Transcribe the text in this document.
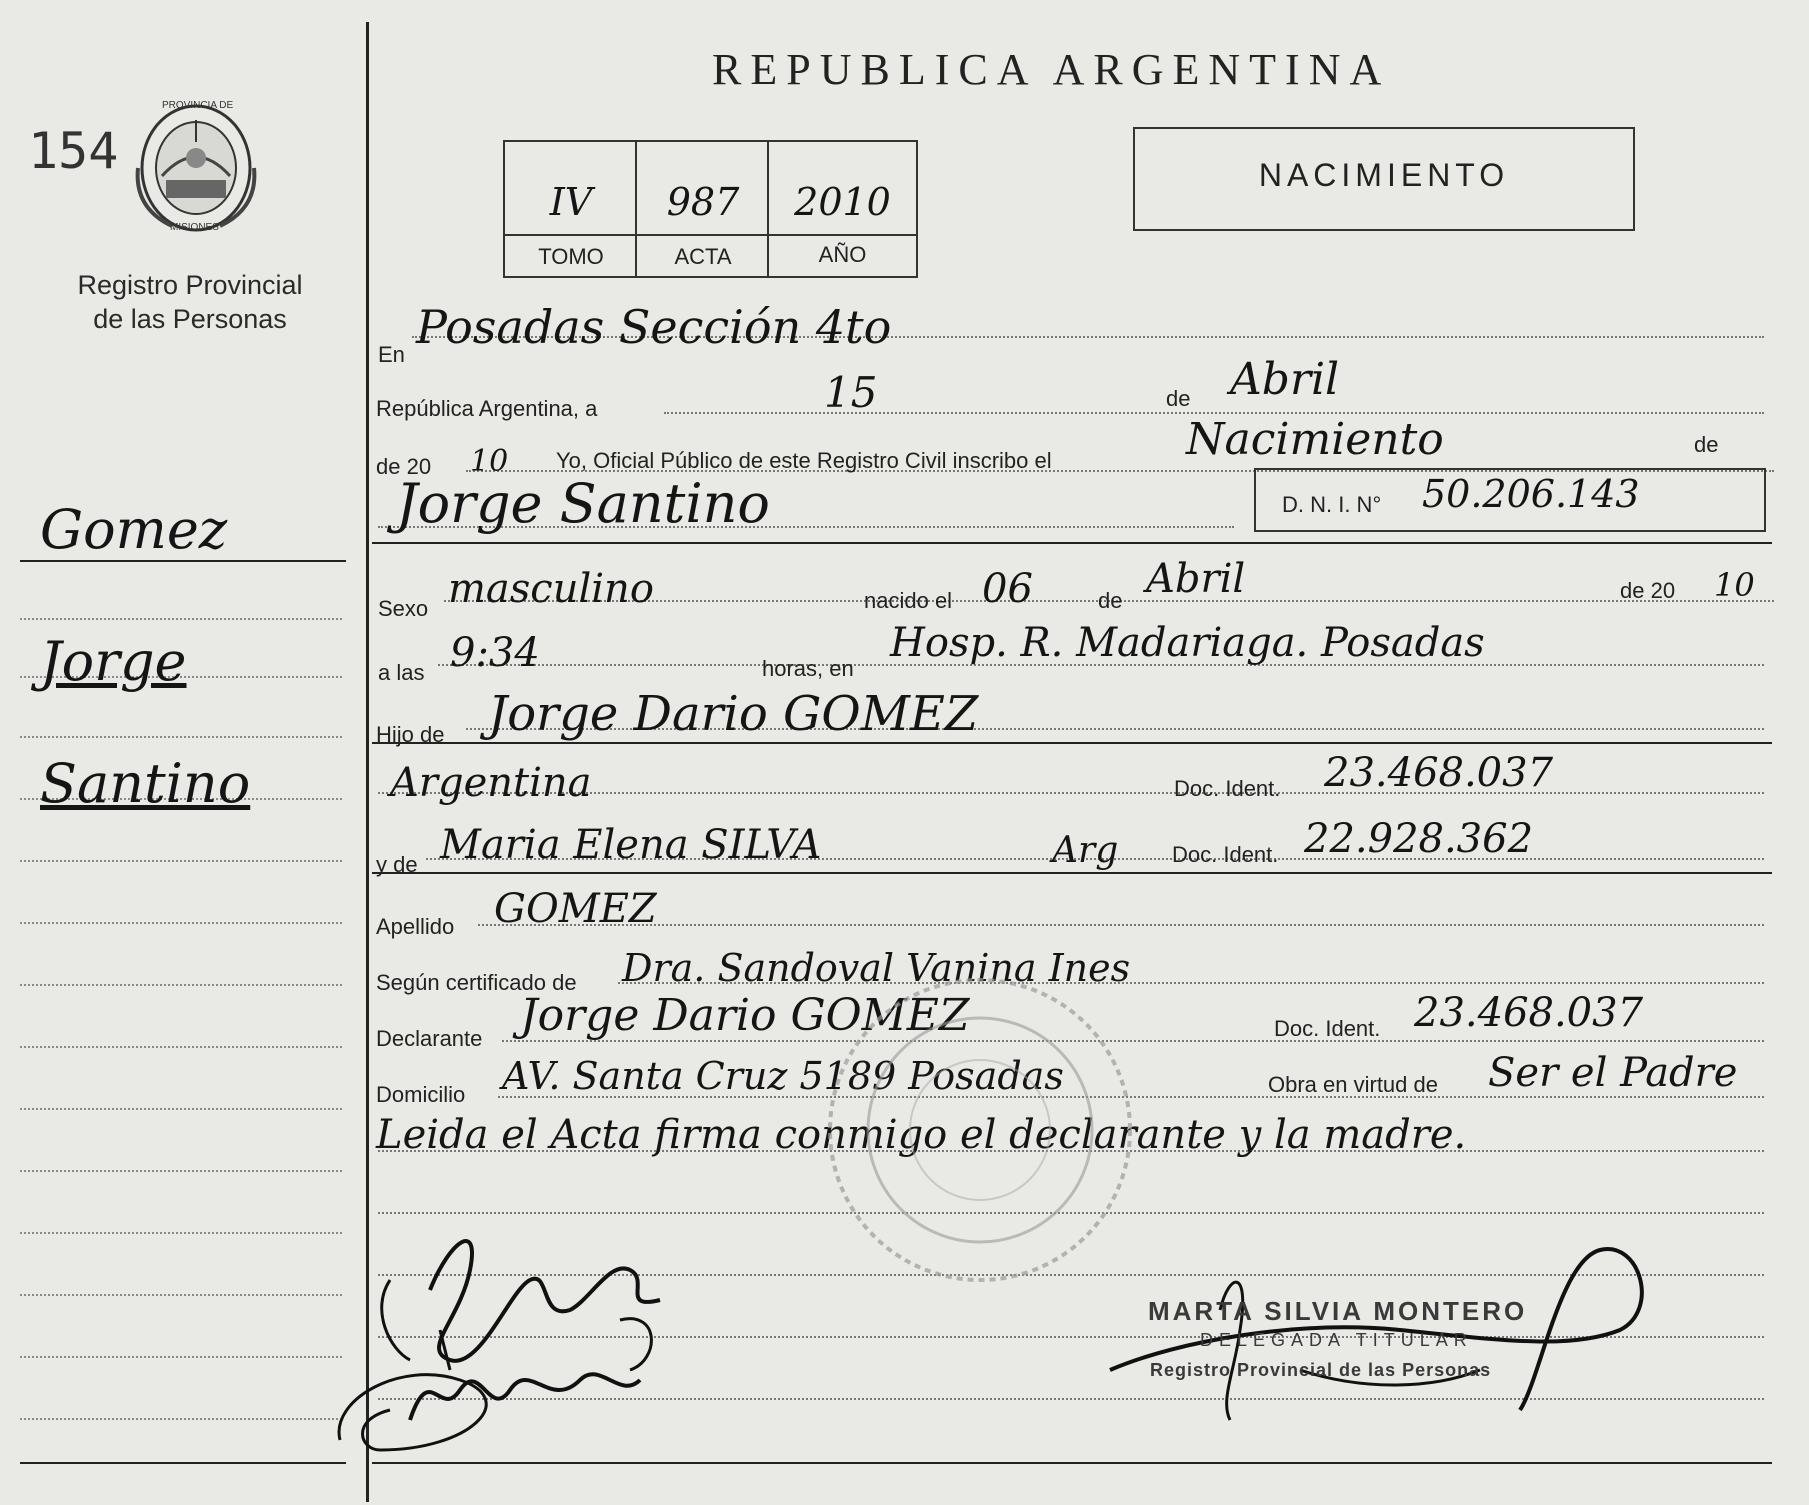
154
PROVINCIA DE
MISIONES
Registro Provincial
de las Personas
REPUBLICA ARGENTINA
IV	987	2010
TOMO	ACTA	AÑO
NACIMIENTO
Gomez
Jorge
Santino
En
Posadas Sección 4to
República Argentina, a	15	de Abril
de 20 10 Yo, Oficial Público de este Registro Civil inscribo el	Nacimiento	de
Jorge Santino	D. N. I. N° 50.206.143
Sexo masculino	nacido el 06	de Abril	de 20 10
a las 9:34	horas, en
Hosp. R. Madariaga. Posadas
Hijo de Jorge Dario GOMEZ
Argentina	Doc. Ident. 23.468.037
y de Maria Elena SILVA	Arg Doc. Ident. 22.928.362
Apellido GOMEZ
Según certificado de Dra. Sandoval Vanina Ines
Declarante Jorge Dario GOMEZ	Doc. Ident. 23.468.037
Domicilio AV. Santa Cruz 5189 Posadas	Obra en virtud de Ser el Padre
Leida el Acta firma conmigo el declarante y la madre.
MARTA SILVIA MONTERO
DELEGADA TITULAR
Registro Provincial de las Personas
